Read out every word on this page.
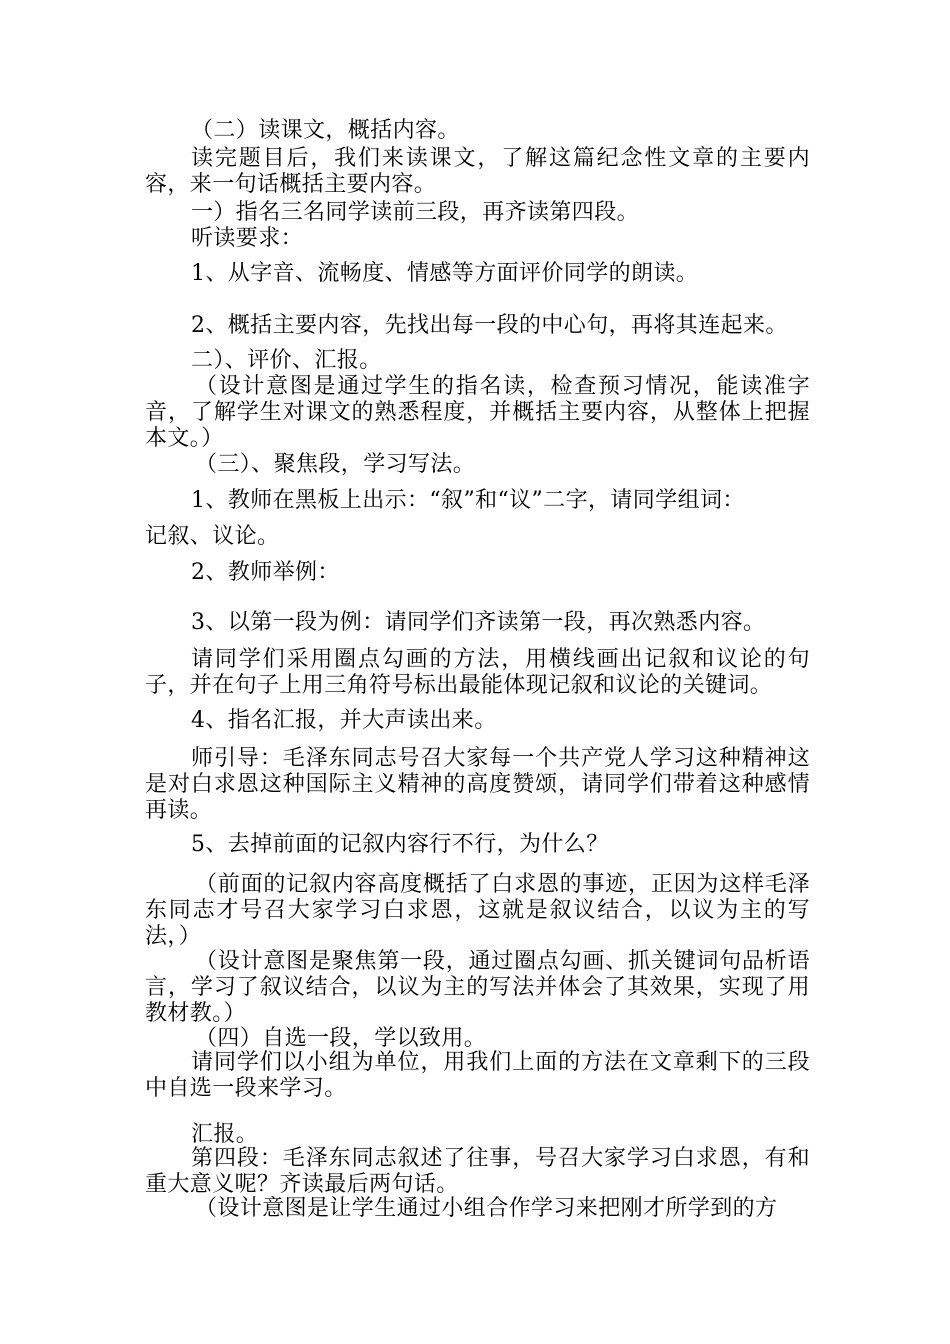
（二）读课文，概括内容。
读完题目后，我们来读课文，了解这篇纪念性文章的主要内容，来一句话概括主要内容。
一）指名三名同学读前三段，再齐读第四段。
听读要求：
1、从字音、流畅度、情感等方面评价同学的朗读。
2、概括主要内容，先找出每一段的中心句，再将其连起来。
二）、评价、汇报。
（设计意图是通过学生的指名读，检查预习情况，能读准字音，了解学生对课文的熟悉程度，并概括主要内容，从整体上把握本文。）
（三）、聚焦段，学习写法。
1、教师在黑板上出示：“叙”和“议”二字，请同学组词：
记叙、议论。
2、教师举例：
3、以第一段为例：请同学们齐读第一段，再次熟悉内容。
请同学们采用圈点勾画的方法，用横线画出记叙和议论的句子，并在句子上用三角符号标出最能体现记叙和议论的关键词。
4、指名汇报，并大声读出来。
师引导：毛泽东同志号召大家每一个共产党人学习这种精神这是对白求恩这种国际主义精神的高度赞颂，请同学们带着这种感情再读。
5、去掉前面的记叙内容行不行，为什么？
（前面的记叙内容高度概括了白求恩的事迹，正因为这样毛泽东同志才号召大家学习白求恩，这就是叙议结合，以议为主的写法，）
（设计意图是聚焦第一段，通过圈点勾画、抓关键词句品析语言，学习了叙议结合，以议为主的写法并体会了其效果，实现了用教材教。）
（四）自选一段，学以致用。
请同学们以小组为单位，用我们上面的方法在文章剩下的三段中自选一段来学习。
汇报。
第四段：毛泽东同志叙述了往事，号召大家学习白求恩，有和重大意义呢？齐读最后两句话。
（设计意图是让学生通过小组合作学习来把刚才所学到的方
